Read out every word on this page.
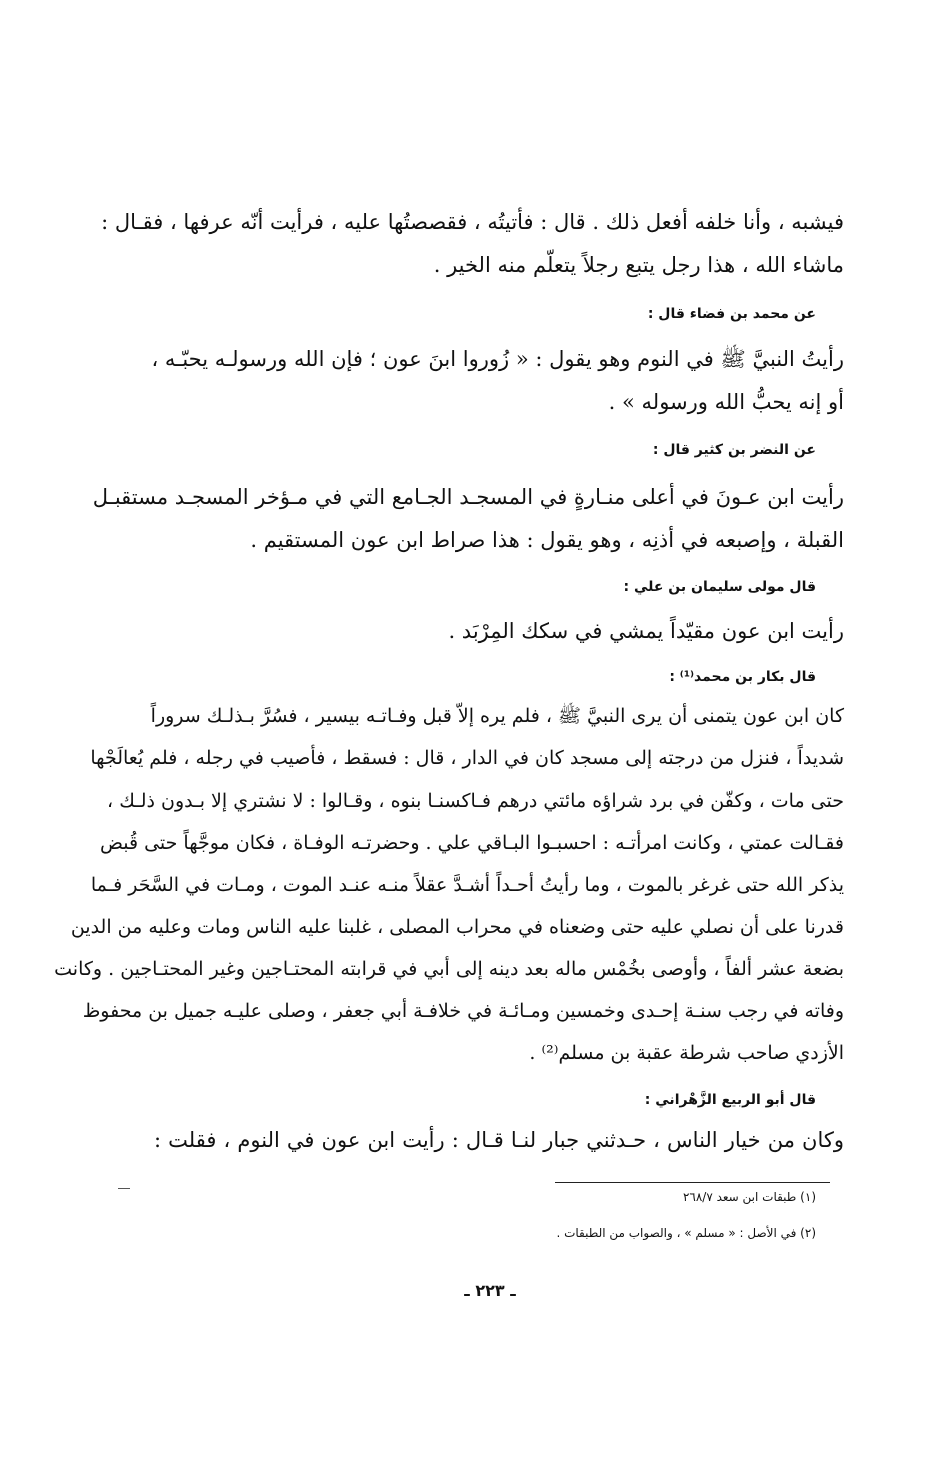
فيشبه ، وأنا خلفه أفعل ذلك . قال : فأتيتُه ، فقصصتُها عليه ، فرأيت أنّه عرفها ، فقـال :
ماشاء الله ، هذا رجل يتبع رجلاً يتعلّم منه الخير .
عن محمد بن فضاء قال :
رأيتُ النبيَّ ﷺ في النوم وهو يقول : « زُوروا ابنَ عون ؛ فإن الله ورسولـه يحبّـه ،
أو إنه يحبُّ الله ورسوله » .
عن النضر بن كثير قال :
رأيت ابن عـونَ في أعلى منـارةٍ في المسجـد الجـامع التي في مـؤخر المسجـد مستقبـل
القبلة ، وإصبعه في أذنِه ، وهو يقول : هذا صراط ابن عون المستقيم .
قال مولى سليمان بن علي :
رأيت ابن عون مقيّداً يمشي في سكك المِرْبَد .
قال بكار بن محمد⁽¹⁾ :
كان ابن عون يتمنى أن يرى النبيَّ ﷺ ، فلم يره إلاّ قبل وفـاتـه بيسير ، فسُرَّ بـذلـك سروراً
شديداً ، فنزل من درجته إلى مسجد كان في الدار ، قال : فسقط ، فأصيب في رجله ، فلم يُعالَجْها
حتى مات ، وكفّن في برد شراؤه مائتي درهم فـاكسنـا بنوه ، وقـالوا : لا نشتري إلا بـدون ذلـك ،
فقـالت عمتي ، وكانت امرأتـه : احسبـوا البـاقي علي . وحضرتـه الوفـاة ، فكان موجَّهاً حتى قُبض
يذكر الله حتى غرغر بالموت ، وما رأيتُ أحـداً أشـدَّ عقلاً منـه عنـد الموت ، ومـات في السَّحَر فـما
قدرنا على أن نصلي عليه حتى وضعناه في محراب المصلى ، غلبنا عليه الناس ومات وعليه من الدين
بضعة عشر ألفاً ، وأوصى بخُمْس ماله بعد دينه إلى أبي في قرابته المحتـاجين وغير المحتـاجين . وكانت
وفاته في رجب سنـة إحـدى وخمسين ومـائـة في خلافـة أبي جعفر ، وصلى عليـه جميل بن محفوظ
الأزدي صاحب شرطة عقبة بن مسلم⁽²⁾ .
قال أبو الربيع الزَّهْراني :
وكان من خيار الناس ، حـدثني جبار لنـا قـال : رأيت ابن عون في النوم ، فقلت :
(١) طبقات ابن سعد ٢٦٨/٧
(٢) في الأصل : « مسلم » ، والصواب من الطبقات .
ـ ٢٢٣ ـ
